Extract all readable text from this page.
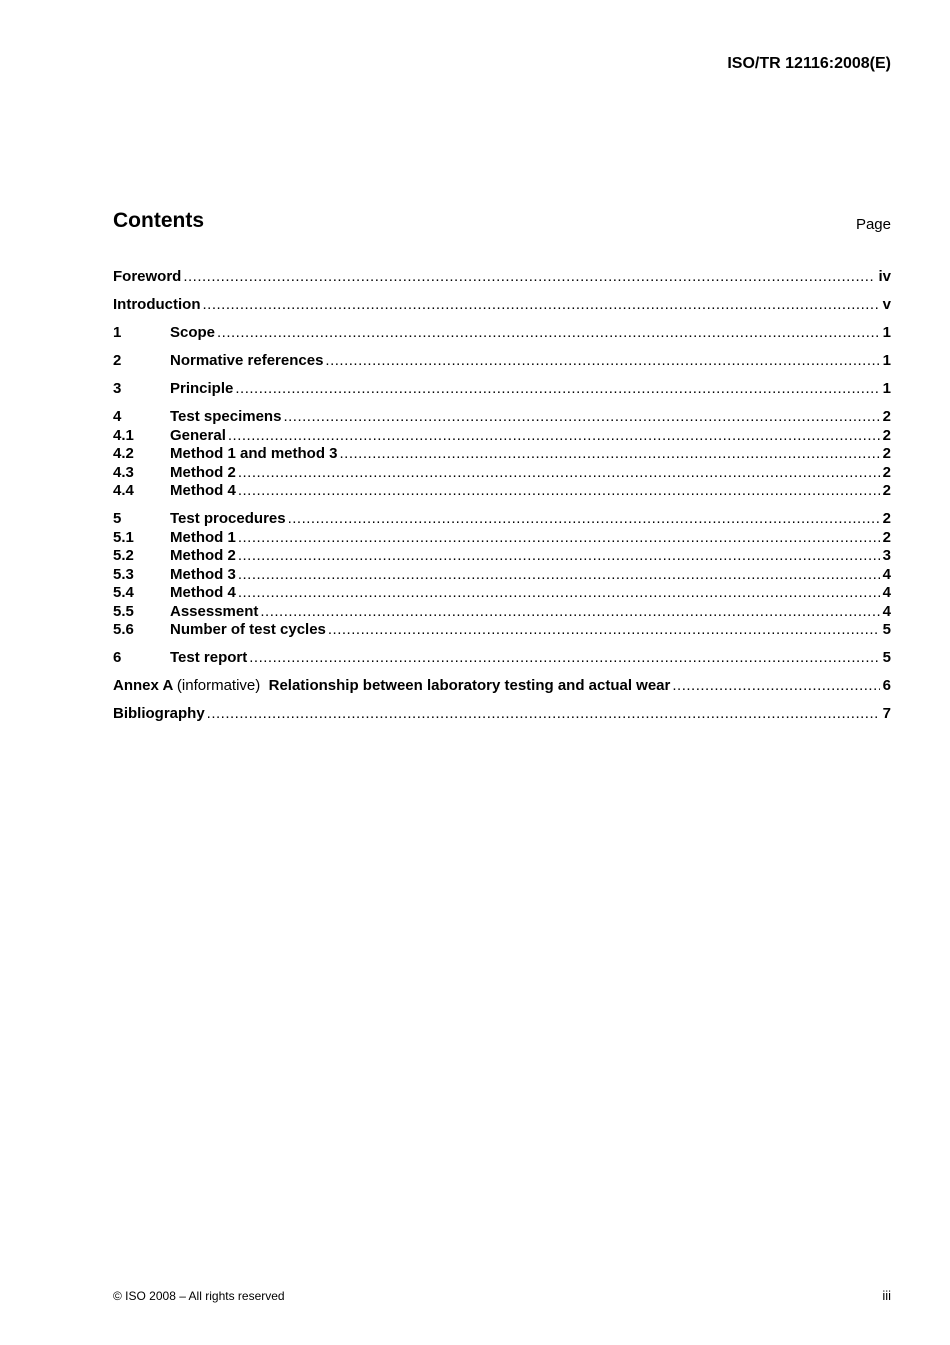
ISO/TR 12116:2008(E)
Contents	Page
Foreword .....	iv
Introduction .....	v
1	Scope .....	1
2	Normative references .....	1
3	Principle .....	1
4	Test specimens .....	2
4.1	General .....	2
4.2	Method 1 and method 3 .....	2
4.3	Method 2 .....	2
4.4	Method 4 .....	2
5	Test procedures .....	2
5.1	Method 1 .....	2
5.2	Method 2 .....	3
5.3	Method 3 .....	4
5.4	Method 4 .....	4
5.5	Assessment .....	4
5.6	Number of test cycles .....	5
6	Test report .....	5
Annex A (informative) Relationship between laboratory testing and actual wear .....	6
Bibliography .....	7
© ISO 2008 – All rights reserved	iii
